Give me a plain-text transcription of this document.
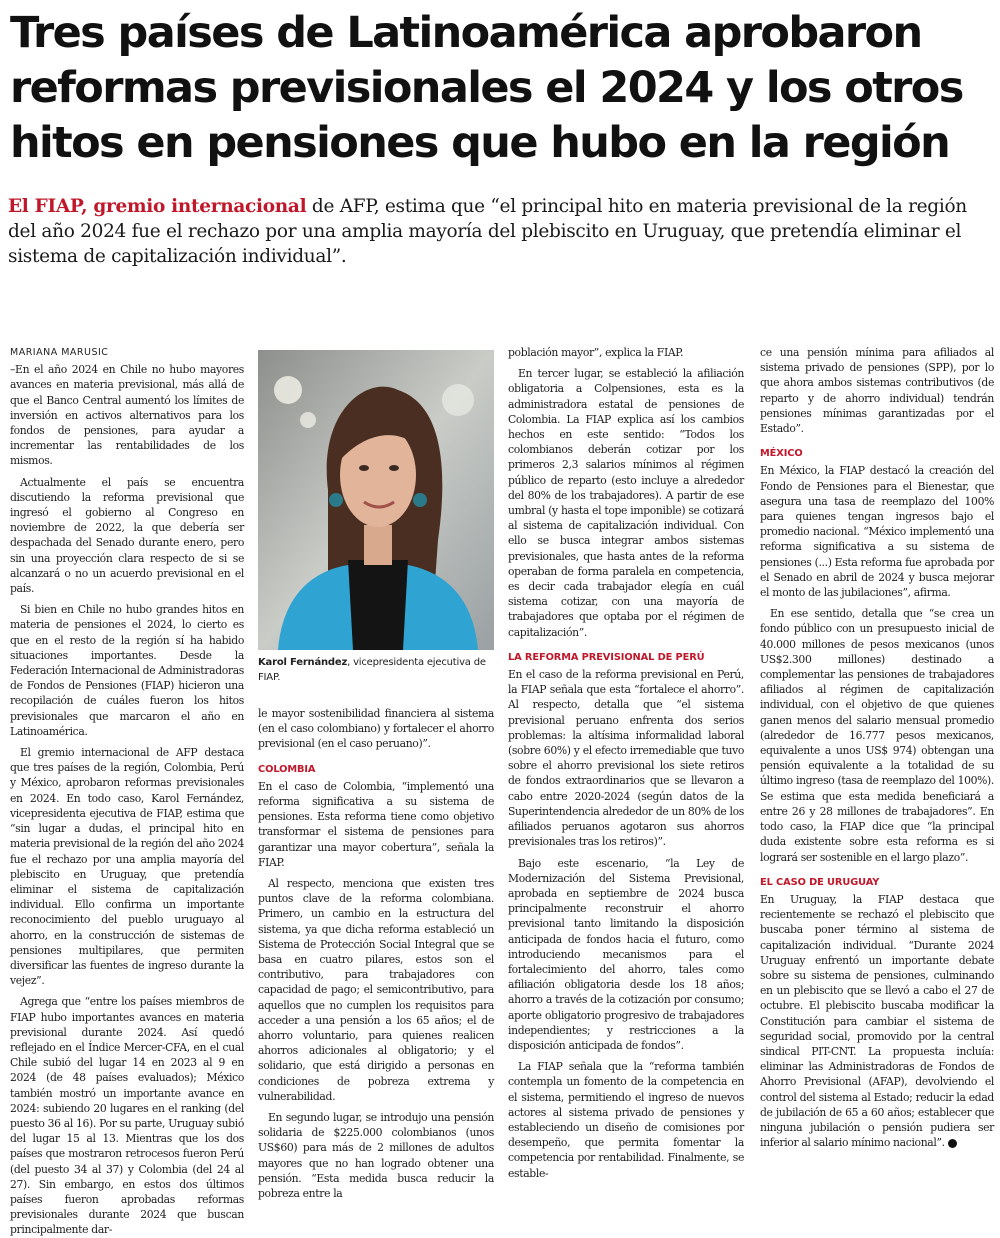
Tres países de Latinoamérica aprobaron reformas previsionales el 2024 y los otros hitos en pensiones que hubo en la región

El FIAP, gremio internacional de AFP, estima que “el principal hito en materia previsional de la región del año 2024 fue el rechazo por una amplia mayoría del plebiscito en Uruguay, que pretendía eliminar el sistema de capitalización individual”.

MARIANA MARUSIC

–En el año 2024 en Chile no hubo mayores avances en materia previsional, más allá de que el Banco Central aumentó los límites de inversión en activos alternativos para los fondos de pensiones, para ayudar a incrementar las rentabilidades de los mismos.

Actualmente el país se encuentra discutiendo la reforma previsional que ingresó el gobierno al Congreso en noviembre de 2022, la que debería ser despachada del Senado durante enero, pero sin una proyección clara respecto de si se alcanzará o no un acuerdo previsional en el país.

Si bien en Chile no hubo grandes hitos en materia de pensiones el 2024, lo cierto es que en el resto de la región sí ha habido situaciones importantes. Desde la Federación Internacional de Administradoras de Fondos de Pensiones (FIAP) hicieron una recopilación de cuáles fueron los hitos previsionales que marcaron el año en Latinoamérica.

El gremio internacional de AFP destaca que tres países de la región, Colombia, Perú y México, aprobaron reformas previsionales en 2024. En todo caso, Karol Fernández, vicepresidenta ejecutiva de FIAP, estima que “sin lugar a dudas, el principal hito en materia previsional de la región del año 2024 fue el rechazo por una amplia mayoría del plebiscito en Uruguay, que pretendía eliminar el sistema de capitalización individual. Ello confirma un importante reconocimiento del pueblo uruguayo al ahorro, en la construcción de sistemas de pensiones multipilares, que permiten diversificar las fuentes de ingreso durante la vejez”.

Agrega que “entre los países miembros de FIAP hubo importantes avances en materia previsional durante 2024. Así quedó reflejado en el Índice Mercer-CFA, en el cual Chile subió del lugar 14 en 2023 al 9 en 2024 (de 48 países evaluados); México también mostró un importante avance en 2024: subiendo 20 lugares en el ranking (del puesto 36 al 16). Por su parte, Uruguay subió del lugar 15 al 13. Mientras que los dos países que mostraron retrocesos fueron Perú (del puesto 34 al 37) y Colombia (del 24 al 27). Sin embargo, en estos dos últimos países fueron aprobadas reformas previsionales durante 2024 que buscan principalmente dar-

Karol Fernández, vicepresidenta ejecutiva de FIAP.

le mayor sostenibilidad financiera al sistema (en el caso colombiano) y fortalecer el ahorro previsional (en el caso peruano)”.

COLOMBIA

En el caso de Colombia, “implementó una reforma significativa a su sistema de pensiones. Esta reforma tiene como objetivo transformar el sistema de pensiones para garantizar una mayor cobertura”, señala la FIAP.

Al respecto, menciona que existen tres puntos clave de la reforma colombiana. Primero, un cambio en la estructura del sistema, ya que dicha reforma estableció un Sistema de Protección Social Integral que se basa en cuatro pilares, estos son el contributivo, para trabajadores con capacidad de pago; el semicontributivo, para aquellos que no cumplen los requisitos para acceder a una pensión a los 65 años; el de ahorro voluntario, para quienes realicen ahorros adicionales al obligatorio; y el solidario, que está dirigido a personas en condiciones de pobreza extrema y vulnerabilidad.

En segundo lugar, se introdujo una pensión solidaria de $225.000 colombianos (unos US$60) para más de 2 millones de adultos mayores que no han logrado obtener una pensión. “Esta medida busca reducir la pobreza entre la

población mayor”, explica la FIAP.

En tercer lugar, se estableció la afiliación obligatoria a Colpensiones, esta es la administradora estatal de pensiones de Colombia. La FIAP explica así los cambios hechos en este sentido: “Todos los colombianos deberán cotizar por los primeros 2,3 salarios mínimos al régimen público de reparto (esto incluye a alrededor del 80% de los trabajadores). A partir de ese umbral (y hasta el tope imponible) se cotizará al sistema de capitalización individual. Con ello se busca integrar ambos sistemas previsionales, que hasta antes de la reforma operaban de forma paralela en competencia, es decir cada trabajador elegía en cuál sistema cotizar, con una mayoría de trabajadores que optaba por el régimen de capitalización”.

LA REFORMA PREVISIONAL DE PERÚ

En el caso de la reforma previsional en Perú, la FIAP señala que esta “fortalece el ahorro”. Al respecto, detalla que “el sistema previsional peruano enfrenta dos serios problemas: la altísima informalidad laboral (sobre 60%) y el efecto irremediable que tuvo sobre el ahorro previsional los siete retiros de fondos extraordinarios que se llevaron a cabo entre 2020-2024 (según datos de la Superintendencia alrededor de un 80% de los afiliados peruanos agotaron sus ahorros previsionales tras los retiros)”.

Bajo este escenario, “la Ley de Modernización del Sistema Previsional, aprobada en septiembre de 2024 busca principalmente reconstruir el ahorro previsional tanto limitando la disposición anticipada de fondos hacia el futuro, como introduciendo mecanismos para el fortalecimiento del ahorro, tales como afiliación obligatoria desde los 18 años; ahorro a través de la cotización por consumo; aporte obligatorio progresivo de trabajadores independientes; y restricciones a la disposición anticipada de fondos”.

La FIAP señala que la “reforma también contempla un fomento de la competencia en el sistema, permitiendo el ingreso de nuevos actores al sistema privado de pensiones y estableciendo un diseño de comisiones por desempeño, que permita fomentar la competencia por rentabilidad. Finalmente, se estable-

ce una pensión mínima para afiliados al sistema privado de pensiones (SPP), por lo que ahora ambos sistemas contributivos (de reparto y de ahorro individual) tendrán pensiones mínimas garantizadas por el Estado”.

MÉXICO

En México, la FIAP destacó la creación del Fondo de Pensiones para el Bienestar, que asegura una tasa de reemplazo del 100% para quienes tengan ingresos bajo el promedio nacional. “México implementó una reforma significativa a su sistema de pensiones (...) Esta reforma fue aprobada por el Senado en abril de 2024 y busca mejorar el monto de las jubilaciones”, afirma.

En ese sentido, detalla que “se crea un fondo público con un presupuesto inicial de 40.000 millones de pesos mexicanos (unos US$2.300 millones) destinado a complementar las pensiones de trabajadores afiliados al régimen de capitalización individual, con el objetivo de que quienes ganen menos del salario mensual promedio (alrededor de 16.777 pesos mexicanos, equivalente a unos US$ 974) obtengan una pensión equivalente a la totalidad de su último ingreso (tasa de reemplazo del 100%). Se estima que esta medida beneficiará a entre 26 y 28 millones de trabajadores”. En todo caso, la FIAP dice que “la principal duda existente sobre esta reforma es si logrará ser sostenible en el largo plazo”.

EL CASO DE URUGUAY

En Uruguay, la FIAP destaca que recientemente se rechazó el plebiscito que buscaba poner término al sistema de capitalización individual. “Durante 2024 Uruguay enfrentó un importante debate sobre su sistema de pensiones, culminando en un plebiscito que se llevó a cabo el 27 de octubre. El plebiscito buscaba modificar la Constitución para cambiar el sistema de seguridad social, promovido por la central sindical PIT-CNT. La propuesta incluía: eliminar las Administradoras de Fondos de Ahorro Previsional (AFAP), devolviendo el control del sistema al Estado; reducir la edad de jubilación de 65 a 60 años; establecer que ninguna jubilación o pensión pudiera ser inferior al salario mínimo nacional”.
